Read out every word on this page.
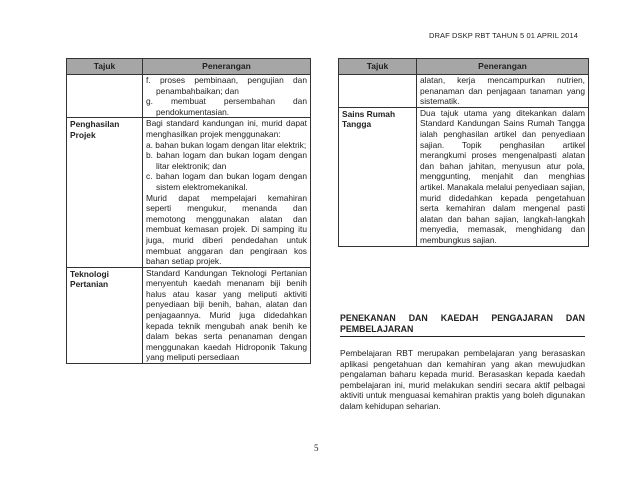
DRAF DSKP RBT TAHUN 5 01 APRIL 2014
Tajuk	Penerangan

	f. proses pembinaan, pengujian dan penambahbaikan; dan

g. membuat persembahan dan pendokumentasian.

Penghasilan Projek	Bagi standard kandungan ini, murid dapat menghasilkan projek menggunakan:

a. bahan bukan logam dengan litar elektrik;

b. bahan logam dan bukan logam dengan litar elektronik; dan

c. bahan logam dan bukan logam dengan sistem elektromekanikal.

Murid dapat mempelajari kemahiran seperti mengukur, menanda dan memotong menggunakan alatan dan membuat kemasan projek. Di samping itu juga, murid diberi pendedahan untuk membuat anggaran dan pengiraan kos bahan setiap projek.

Teknologi Pertanian	Standard Kandungan Teknologi Pertanian menyentuh kaedah menanam biji benih halus atau kasar yang meliputi aktiviti penyediaan biji benih, bahan, alatan dan penjagaannya. Murid juga didedahkan kepada teknik mengubah anak benih ke dalam bekas serta penanaman dengan menggunakan kaedah Hidroponik Takung yang meliputi persediaan

Tajuk	Penerangan

	alatan, kerja mencampurkan nutrien, penanaman dan penjagaan tanaman yang sistematik.

Sains Rumah Tangga	Dua tajuk utama yang ditekankan dalam Standard Kandungan Sains Rumah Tangga ialah penghasilan artikel dan penyediaan sajian. Topik penghasilan artikel merangkumi proses mengenalpasti alatan dan bahan jahitan, menyusun atur pola, menggunting, menjahit dan menghias artikel. Manakala melalui penyediaan sajian, murid didedahkan kepada pengetahuan serta kemahiran dalam mengenal pasti alatan dan bahan sajian, langkah-langkah menyedia, memasak, menghidang dan membungkus sajian.

PENEKANAN DAN KAEDAH PENGAJARAN DAN PEMBELAJARAN
Pembelajaran RBT merupakan pembelajaran yang berasaskan aplikasi pengetahuan dan kemahiran yang akan mewujudkan pengalaman baharu kepada murid. Berasaskan kepada kaedah pembelajaran ini, murid melakukan sendiri secara aktif pelbagai aktiviti untuk menguasai kemahiran praktis yang boleh digunakan dalam kehidupan seharian.
5
